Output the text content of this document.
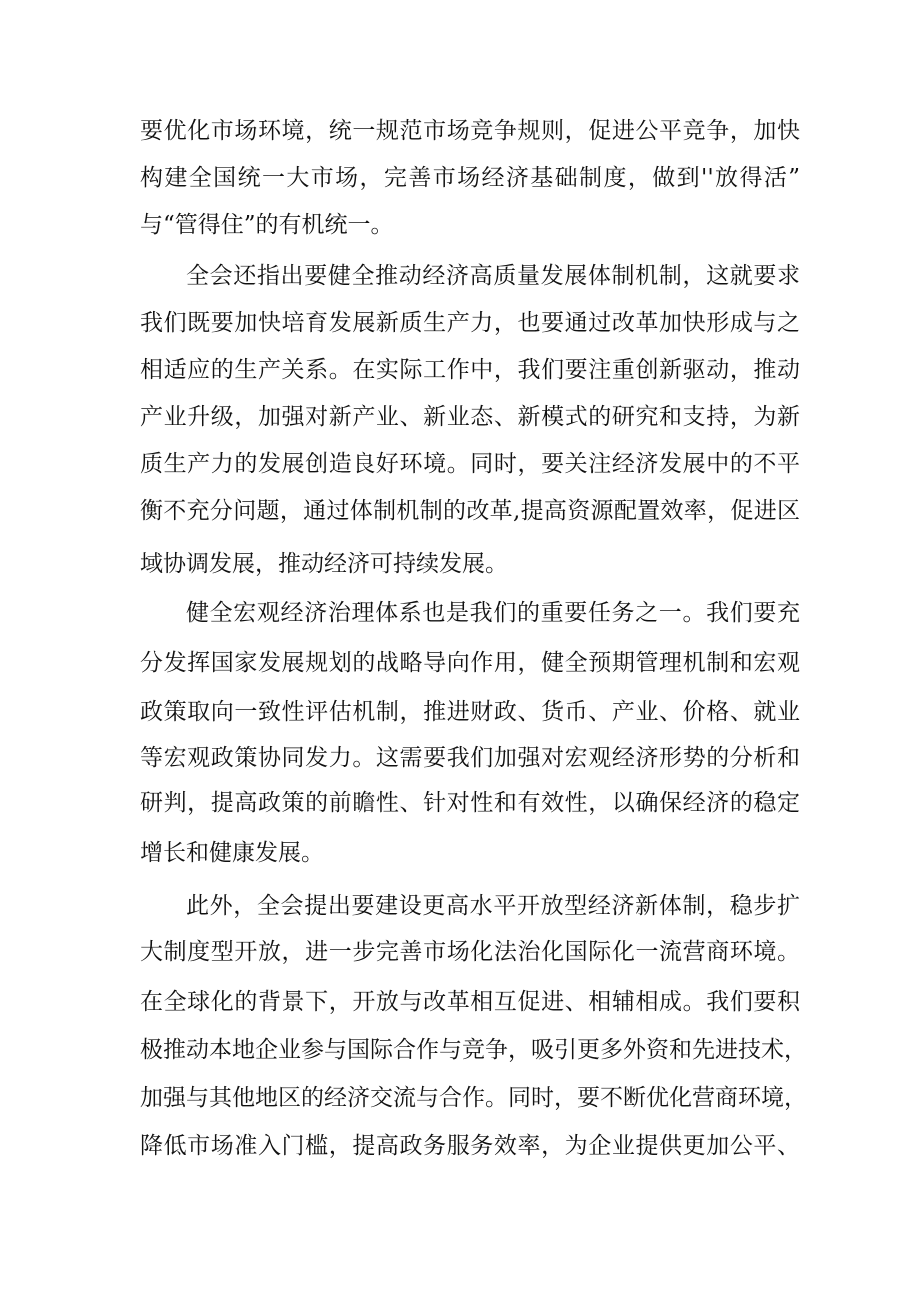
要优化市场环境，统一规范市场竞争规则，促进公平竞争，加快
构建全国统一大市场，完善市场经济基础制度，做到''放得活”
与“管得住”的有机统一。
全会还指出要健全推动经济高质量发展体制机制，这就要求
我们既要加快培育发展新质生产力，也要通过改革加快形成与之
相适应的生产关系。在实际工作中，我们要注重创新驱动，推动
产业升级，加强对新产业、新业态、新模式的研究和支持，为新
质生产力的发展创造良好环境。同时，要关注经济发展中的不平
衡不充分问题，通过体制机制的改革,提高资源配置效率，促进区
域协调发展，推动经济可持续发展。
健全宏观经济治理体系也是我们的重要任务之一。我们要充
分发挥国家发展规划的战略导向作用，健全预期管理机制和宏观
政策取向一致性评估机制，推进财政、货币、产业、价格、就业
等宏观政策协同发力。这需要我们加强对宏观经济形势的分析和
研判，提高政策的前瞻性、针对性和有效性，以确保经济的稳定
增长和健康发展。
此外，全会提出要建设更高水平开放型经济新体制，稳步扩
大制度型开放，进一步完善市场化法治化国际化一流营商环境。
在全球化的背景下，开放与改革相互促进、相辅相成。我们要积
极推动本地企业参与国际合作与竞争，吸引更多外资和先进技术，
加强与其他地区的经济交流与合作。同时，要不断优化营商环境，
降低市场准入门槛，提高政务服务效率，为企业提供更加公平、
